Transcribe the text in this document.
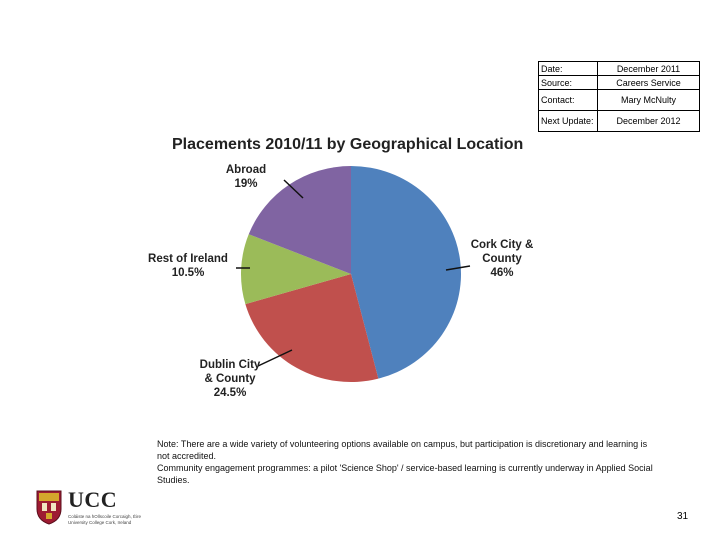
Date:	December 2011
Source:	Careers Service
Contact:	Mary McNulty
Next Update:	December 2012
Placements 2010/11 by Geographical Location
Cork City & County 46%
Dublin City & County 24.5%
Rest of Ireland 10.5%
Abroad 19%

Note: There are a wide variety of volunteering options available on campus, but participation is discretionary and learning is not accredited.

Community engagement programmes: a pilot 'Science Shop' / service-based learning is currently underway in Applied Social Studies.

UCC
Coláiste na hOllscoile Corcaigh, Éire
University College Cork, Ireland
31
